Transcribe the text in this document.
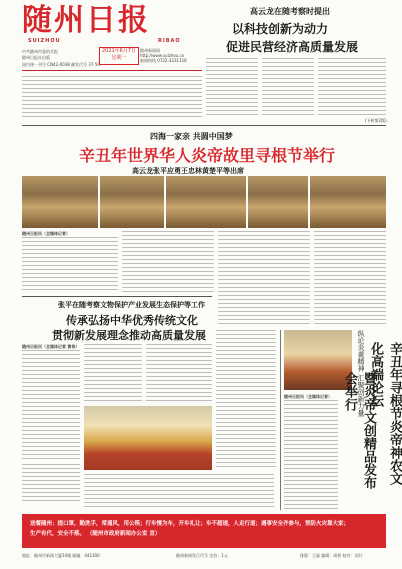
随州日报
SUIZHOU	RIBAO
中共随州市委机关报
随州日报社出版
国内统一刊号 CN42-0038 邮发代号 37-50
2021年6月7日
星期一
随州新闻网 http://www.suizhou.cn
新闻热线 0722-3231118
高云龙在随考察时提出
以科技创新为动力
促进民营经济高质量发展
(下转第2版)
四海一家亲 共圆中国梦
辛丑年世界华人炎帝故里寻根节举行
高云龙张平应勇王忠林黄楚平等出席
随州日报讯（全媒体记者）
张平在随考察文物保护产业发展生态保护等工作
传承弘扬中华优秀传统文化
贯彻新发展理念推动高质量发展
随州日报讯（全媒体记者 黄伟）	纵论炎黄精神 汇聚创新力量	辛丑年寻根节炎帝神农文化高端论坛
暨炎帝文创精品发布会举行
随州日报讯（全媒体记者）
送餐随州：提口罩，勤洗手，常通风，用公筷；行车慢为车，开车礼让；车不超速，人走行道；遇事安全齐参与，预防火灾靠大家；
生产有代，安全不落。 （随州市政府新闻办公室 宣）
地址：随州市新闻大厦14楼 邮编：441300	随州新闻发行代号 定价：1元	排版：王磊 编辑：周桥 校对：吴红
